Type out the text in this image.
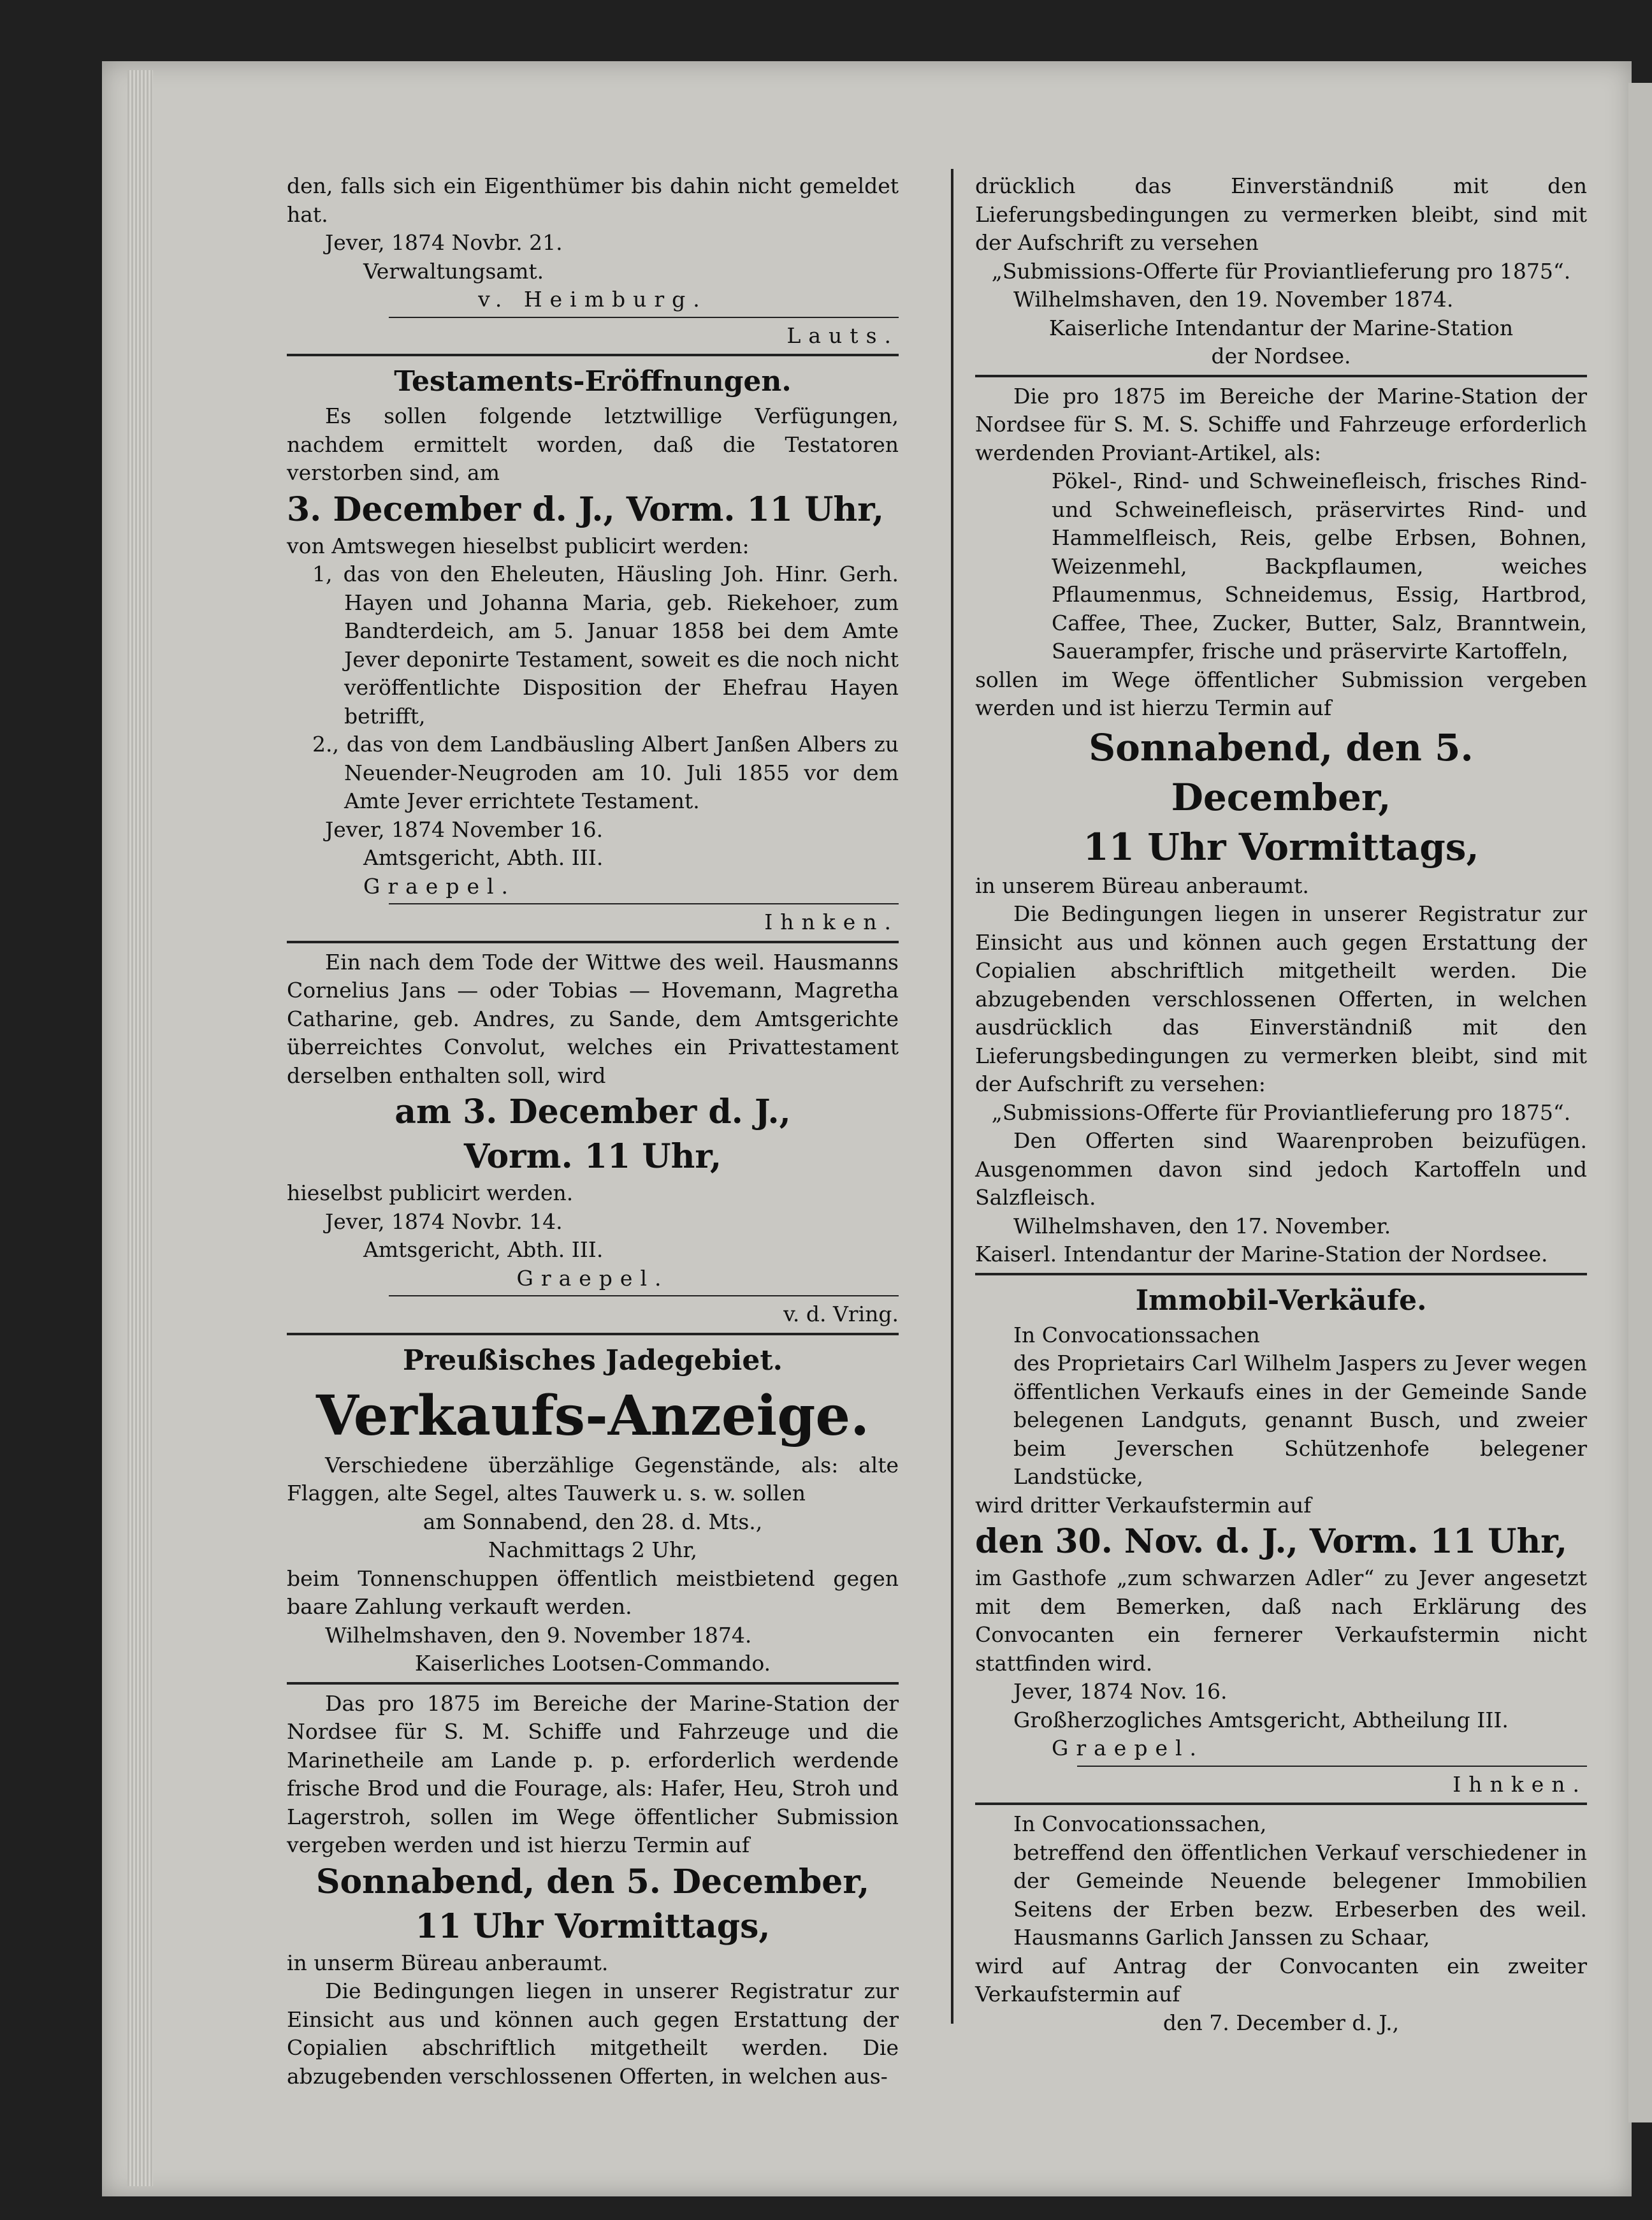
den, falls sich ein Eigenthümer bis dahin nicht gemeldet hat.

Jever, 1874 Novbr. 21.

Verwaltungsamt.

v. Heimburg.

Lauts.

Testaments-Eröffnungen.

Es sollen folgende letztwillige Verfügungen, nachdem ermittelt worden, daß die Testatoren verstorben sind, am

3. December d. J., Vorm. 11 Uhr,

von Amtswegen hieselbst publicirt werden:

1, das von den Eheleuten, Häusling Joh. Hinr. Gerh. Hayen und Johanna Maria, geb. Riekehoer, zum Bandterdeich, am 5. Januar 1858 bei dem Amte Jever deponirte Testament, soweit es die noch nicht veröffentlichte Disposition der Ehefrau Hayen betrifft,

2., das von dem Landbäusling Albert Janßen Albers zu Neuender-Neugroden am 10. Juli 1855 vor dem Amte Jever errichtete Testament.

Jever, 1874 November 16.

Amtsgericht, Abth. III.

Graepel.

Ihnken.

Ein nach dem Tode der Wittwe des weil. Hausmanns Cornelius Jans — oder Tobias — Hovemann, Magretha Catharine, geb. Andres, zu Sande, dem Amtsgerichte überreichtes Convolut, welches ein Privattestament derselben enthalten soll, wird

am 3. December d. J.,

Vorm. 11 Uhr,

hieselbst publicirt werden.

Jever, 1874 Novbr. 14.

Amtsgericht, Abth. III.

Graepel.

v. d. Vring.

Preußisches Jadegebiet.

Verkaufs-Anzeige.

Verschiedene überzählige Gegenstände, als: alte Flaggen, alte Segel, altes Tauwerk u. s. w. sollen

am Sonnabend, den 28. d. Mts.,

Nachmittags 2 Uhr,

beim Tonnenschuppen öffentlich meistbietend gegen baare Zahlung verkauft werden.

Wilhelmshaven, den 9. November 1874.

Kaiserliches Lootsen-Commando.

Das pro 1875 im Bereiche der Marine-Station der Nordsee für S. M. Schiffe und Fahrzeuge und die Marinetheile am Lande p. p. erforderlich werdende frische Brod und die Fourage, als: Hafer, Heu, Stroh und Lagerstroh, sollen im Wege öffentlicher Submission vergeben werden und ist hierzu Termin auf

Sonnabend, den 5. December,

11 Uhr Vormittags,

in unserm Büreau anberaumt.

Die Bedingungen liegen in unserer Registratur zur Einsicht aus und können auch gegen Erstattung der Copialien abschriftlich mitgetheilt werden. Die abzugebenden verschlossenen Offerten, in welchen aus-

drücklich das Einverständniß mit den Lieferungsbedingungen zu vermerken bleibt, sind mit der Aufschrift zu versehen

„Submissions-Offerte für Proviantlieferung pro 1875“.

Wilhelmshaven, den 19. November 1874.

Kaiserliche Intendantur der Marine-Station

der Nordsee.

Die pro 1875 im Bereiche der Marine-Station der Nordsee für S. M. S. Schiffe und Fahrzeuge erforderlich werdenden Proviant-Artikel, als:

Pökel-, Rind- und Schweinefleisch, frisches Rind- und Schweinefleisch, präservirtes Rind- und Hammelfleisch, Reis, gelbe Erbsen, Bohnen, Weizenmehl, Backpflaumen, weiches Pflaumenmus, Schneidemus, Essig, Hartbrod, Caffee, Thee, Zucker, Butter, Salz, Branntwein, Sauerampfer, frische und präservirte Kartoffeln,

sollen im Wege öffentlicher Submission vergeben werden und ist hierzu Termin auf

Sonnabend, den 5. December,

11 Uhr Vormittags,

in unserem Büreau anberaumt.

Die Bedingungen liegen in unserer Registratur zur Einsicht aus und können auch gegen Erstattung der Copialien abschriftlich mitgetheilt werden. Die abzugebenden verschlossenen Offerten, in welchen ausdrücklich das Einverständniß mit den Lieferungsbedingungen zu vermerken bleibt, sind mit der Aufschrift zu versehen:

„Submissions-Offerte für Proviantlieferung pro 1875“.

Den Offerten sind Waarenproben beizufügen. Ausgenommen davon sind jedoch Kartoffeln und Salzfleisch.

Wilhelmshaven, den 17. November.

Kaiserl. Intendantur der Marine-Station der Nordsee.

Immobil-Verkäufe.

In Convocationssachen

des Proprietairs Carl Wilhelm Jaspers zu Jever wegen öffentlichen Verkaufs eines in der Gemeinde Sande belegenen Landguts, genannt Busch, und zweier beim Jeverschen Schützenhofe belegener Landstücke,

wird dritter Verkaufstermin auf

den 30. Nov. d. J., Vorm. 11 Uhr,

im Gasthofe „zum schwarzen Adler“ zu Jever angesetzt mit dem Bemerken, daß nach Erklärung des Convocanten ein fernerer Verkaufstermin nicht stattfinden wird.

Jever, 1874 Nov. 16.

Großherzogliches Amtsgericht, Abtheilung III.

Graepel.

Ihnken.

In Convocationssachen,

betreffend den öffentlichen Verkauf verschiedener in der Gemeinde Neuende belegener Immobilien Seitens der Erben bezw. Erbeserben des weil. Hausmanns Garlich Janssen zu Schaar,

wird auf Antrag der Convocanten ein zweiter Verkaufstermin auf

den 7. December d. J.,
